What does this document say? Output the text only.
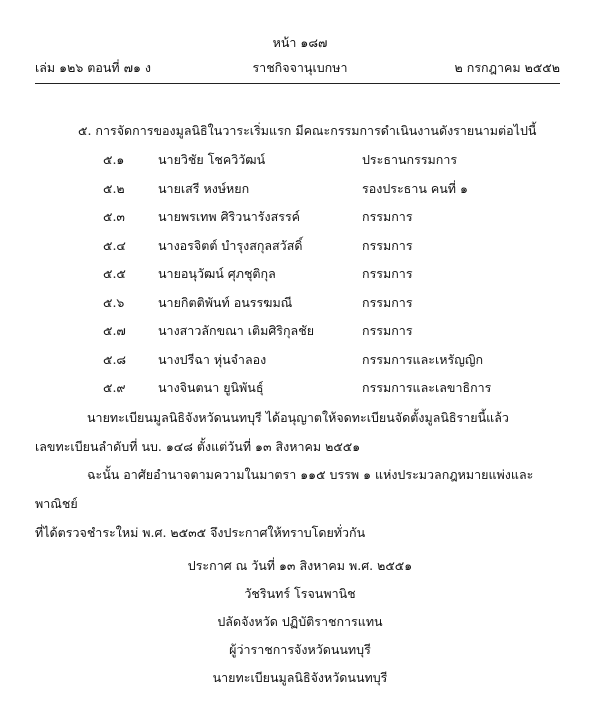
หน้า ๑๘๗
ราชกิจจานุเบกษา
เล่ม ๑๒๖ ตอนที่ ๗๑ ง	๒ กรกฎาคม ๒๕๕๒
๕. การจัดการของมูลนิธิในวาระเริ่มแรก มีคณะกรรมการดำเนินงานดังรายนามต่อไปนี้
๕.๑	นายวิชัย โชควิวัฒน์	ประธานกรรมการ
๕.๒	นายเสรี หงษ์หยก	รองประธาน คนที่ ๑
๕.๓	นายพรเทพ ศิริวนารังสรรค์	กรรมการ
๕.๔	นางอรจิตต์ บำรุงสกุลสวัสดิ์	กรรมการ
๕.๕	นายอนุวัฒน์ ศุภชุติกุล	กรรมการ
๕.๖	นายกิตติพันท์ อนรรฆมณี	กรรมการ
๕.๗	นางสาวลักขณา เติมศิริกุลชัย	กรรมการ
๕.๘	นางปรีฉา หุ่นจำลอง	กรรมการและเหรัญญิก
๕.๙	นางจินตนา ยูนิพันธุ์	กรรมการและเลขาธิการ
นายทะเบียนมูลนิธิจังหวัดนนทบุรี ได้อนุญาตให้จดทะเบียนจัดตั้งมูลนิธิรายนี้แล้ว
เลขทะเบียนลำดับที่ นบ. ๑๔๘ ตั้งแต่วันที่ ๑๓ สิงหาคม ๒๕๕๑
ฉะนั้น อาศัยอำนาจตามความในมาตรา ๑๑๕ บรรพ ๑ แห่งประมวลกฎหมายแพ่งและพาณิชย์
ที่ได้ตรวจชำระใหม่ พ.ศ. ๒๕๓๕ จึงประกาศให้ทราบโดยทั่วกัน
ประกาศ ณ วันที่ ๑๓ สิงหาคม พ.ศ. ๒๕๕๑
วัชรินทร์ โรจนพานิช
ปลัดจังหวัด ปฏิบัติราชการแทน
ผู้ว่าราชการจังหวัดนนทบุรี
นายทะเบียนมูลนิธิจังหวัดนนทบุรี
